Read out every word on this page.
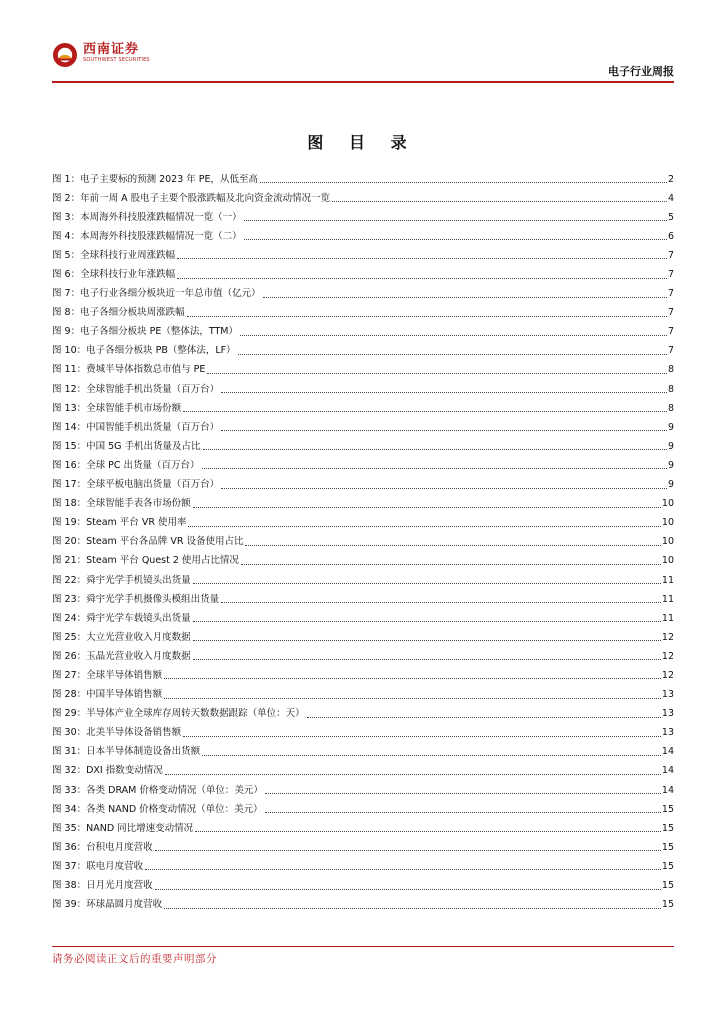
西南证券
SOUTHWEST SECURITIES
电子行业周报
图 目 录
图 1：电子主要标的预测 2023 年 PE，从低至高	2
图 2：年前一周 A 股电子主要个股涨跌幅及北向资金流动情况一览	4
图 3：本周海外科技股涨跌幅情况一览（一）	5
图 4：本周海外科技股涨跌幅情况一览（二）	6
图 5：全球科技行业周涨跌幅	7
图 6：全球科技行业年涨跌幅	7
图 7：电子行业各细分板块近一年总市值（亿元）	7
图 8：电子各细分板块周涨跌幅	7
图 9：电子各细分板块 PE（整体法，TTM）	7
图 10：电子各细分板块 PB（整体法，LF）	7
图 11：费城半导体指数总市值与 PE	8
图 12：全球智能手机出货量（百万台）	8
图 13：全球智能手机市场份额	8
图 14：中国智能手机出货量（百万台）	9
图 15：中国 5G 手机出货量及占比	9
图 16：全球 PC 出货量（百万台）	9
图 17：全球平板电脑出货量（百万台）	9
图 18：全球智能手表各市场份额	10
图 19：Steam 平台 VR 使用率	10
图 20：Steam 平台各品牌 VR 设备使用占比	10
图 21：Steam 平台 Quest 2 使用占比情况	10
图 22：舜宇光学手机镜头出货量	11
图 23：舜宇光学手机摄像头模组出货量	11
图 24：舜宇光学车载镜头出货量	11
图 25：大立光营业收入月度数据	12
图 26：玉晶光营业收入月度数据	12
图 27：全球半导体销售额	12
图 28：中国半导体销售额	13
图 29：半导体产业全球库存周转天数数据跟踪（单位：天）	13
图 30：北美半导体设备销售额	13
图 31：日本半导体制造设备出货额	14
图 32：DXI 指数变动情况	14
图 33：各类 DRAM 价格变动情况（单位：美元）	14
图 34：各类 NAND 价格变动情况（单位：美元）	15
图 35：NAND 同比增速变动情况	15
图 36：台积电月度营收	15
图 37：联电月度营收	15
图 38：日月光月度营收	15
图 39：环球晶圆月度营收	15
请务必阅读正文后的重要声明部分
